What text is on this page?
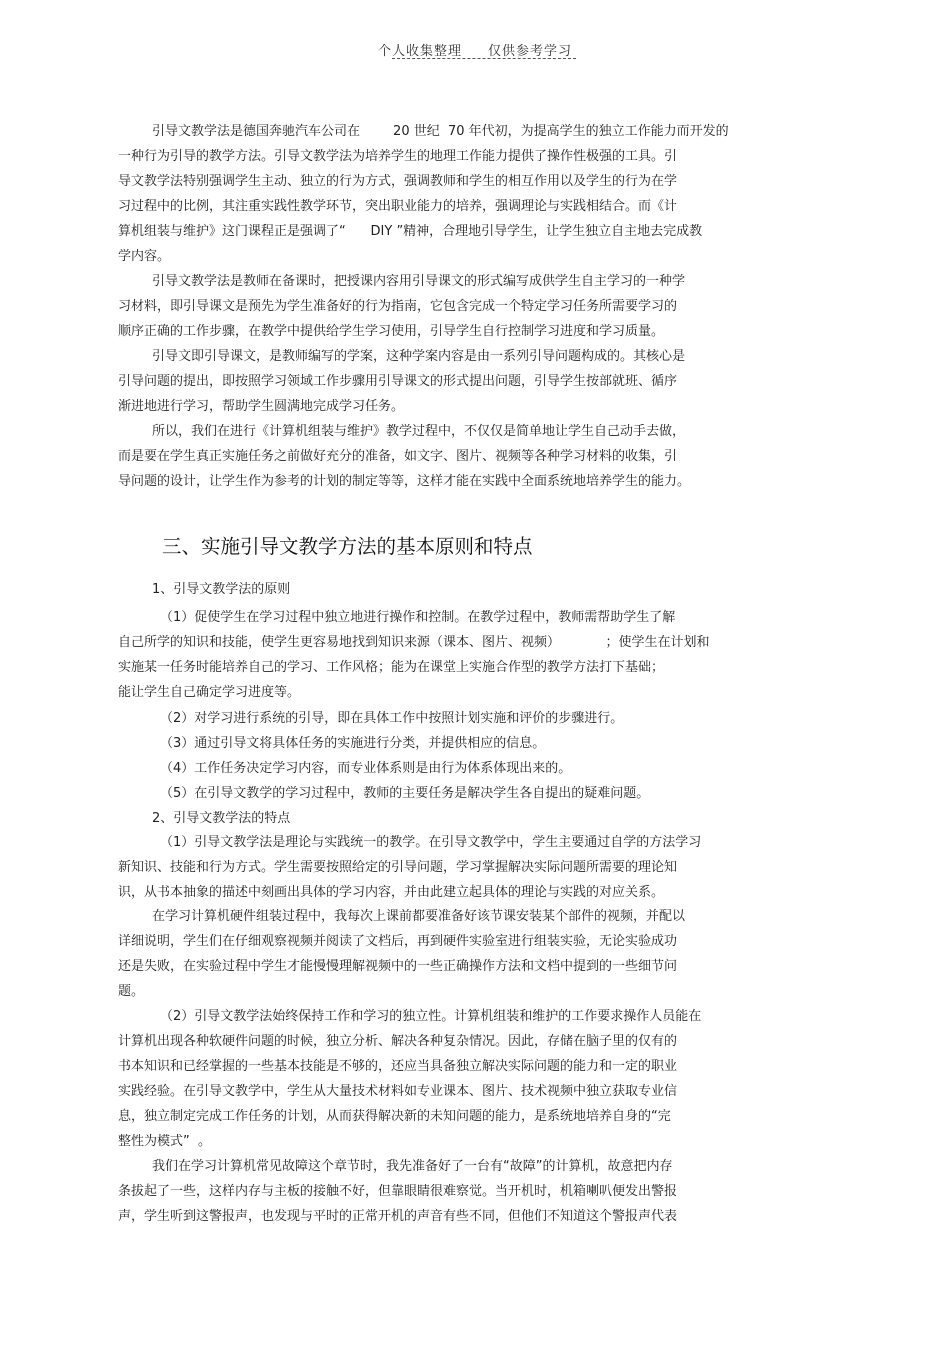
个人收集整理 仅供参考学习
三、实施引导文教学方法的基本原则和特点
引导文教学法是德国奔驰汽车公司在        20 世纪  70 年代初，为提高学生的独立工作能力而开发的
一种行为引导的教学方法。引导文教学法为培养学生的地理工作能力提供了操作性极强的工具。引
导文教学法特别强调学生主动、独立的行为方式，强调教师和学生的相互作用以及学生的行为在学
习过程中的比例，其注重实践性教学环节，突出职业能力的培养，强调理论与实践相结合。而《计
算机组装与维护》这门课程正是强调了“      DIY ”精神，合理地引导学生，让学生独立自主地去完成教
学内容。
引导文教学法是教师在备课时，把授课内容用引导课文的形式编写成供学生自主学习的一种学
习材料，即引导课文是预先为学生准备好的行为指南，它包含完成一个特定学习任务所需要学习的
顺序正确的工作步骤，在教学中提供给学生学习使用，引导学生自行控制学习进度和学习质量。
引导文即引导课文，是教师编写的学案，这种学案内容是由一系列引导问题构成的。其核心是
引导问题的提出，即按照学习领域工作步骤用引导课文的形式提出问题，引导学生按部就班、循序
渐进地进行学习，帮助学生圆满地完成学习任务。
所以，我们在进行《计算机组装与维护》教学过程中，不仅仅是简单地让学生自己动手去做，
而是要在学生真正实施任务之前做好充分的准备，如文字、图片、视频等各种学习材料的收集，引
导问题的设计，让学生作为参考的计划的制定等等，这样才能在实践中全面系统地培养学生的能力。
1、引导文教学法的原则
（1）促使学生在学习过程中独立地进行操作和控制。在教学过程中，教师需帮助学生了解
自己所学的知识和技能，使学生更容易地找到知识来源（课本、图片、视频）           ；使学生在计划和
实施某一任务时能培养自己的学习、工作风格；能为在课堂上实施合作型的教学方法打下基础；
能让学生自己确定学习进度等。
（2）对学习进行系统的引导，即在具体工作中按照计划实施和评价的步骤进行。
（3）通过引导文将具体任务的实施进行分类，并提供相应的信息。
（4）工作任务决定学习内容，而专业体系则是由行为体系体现出来的。
（5）在引导文教学的学习过程中，教师的主要任务是解决学生各自提出的疑难问题。
2、引导文教学法的特点
（1）引导文教学法是理论与实践统一的教学。在引导文教学中，学生主要通过自学的方法学习
新知识、技能和行为方式。学生需要按照给定的引导问题，学习掌握解决实际问题所需要的理论知
识，从书本抽象的描述中刻画出具体的学习内容，并由此建立起具体的理论与实践的对应关系。
在学习计算机硬件组装过程中，我每次上课前都要准备好该节课安装某个部件的视频，并配以
详细说明，学生们在仔细观察视频并阅读了文档后，再到硬件实验室进行组装实验，无论实验成功
还是失败，在实验过程中学生才能慢慢理解视频中的一些正确操作方法和文档中提到的一些细节问
题。
（2）引导文教学法始终保持工作和学习的独立性。计算机组装和维护的工作要求操作人员能在
计算机出现各种软硬件问题的时候，独立分析、解决各种复杂情况。因此，存储在脑子里的仅有的
书本知识和已经掌握的一些基本技能是不够的，还应当具备独立解决实际问题的能力和一定的职业
实践经验。在引导文教学中，学生从大量技术材料如专业课本、图片、技术视频中独立获取专业信
息，独立制定完成工作任务的计划，从而获得解决新的未知问题的能力，是系统地培养自身的“完
整性为模式”  。
我们在学习计算机常见故障这个章节时，我先准备好了一台有“故障”的计算机，故意把内存
条拔起了一些，这样内存与主板的接触不好，但靠眼睛很难察觉。当开机时，机箱喇叭便发出警报
声，学生听到这警报声，也发现与平时的正常开机的声音有些不同，但他们不知道这个警报声代表
